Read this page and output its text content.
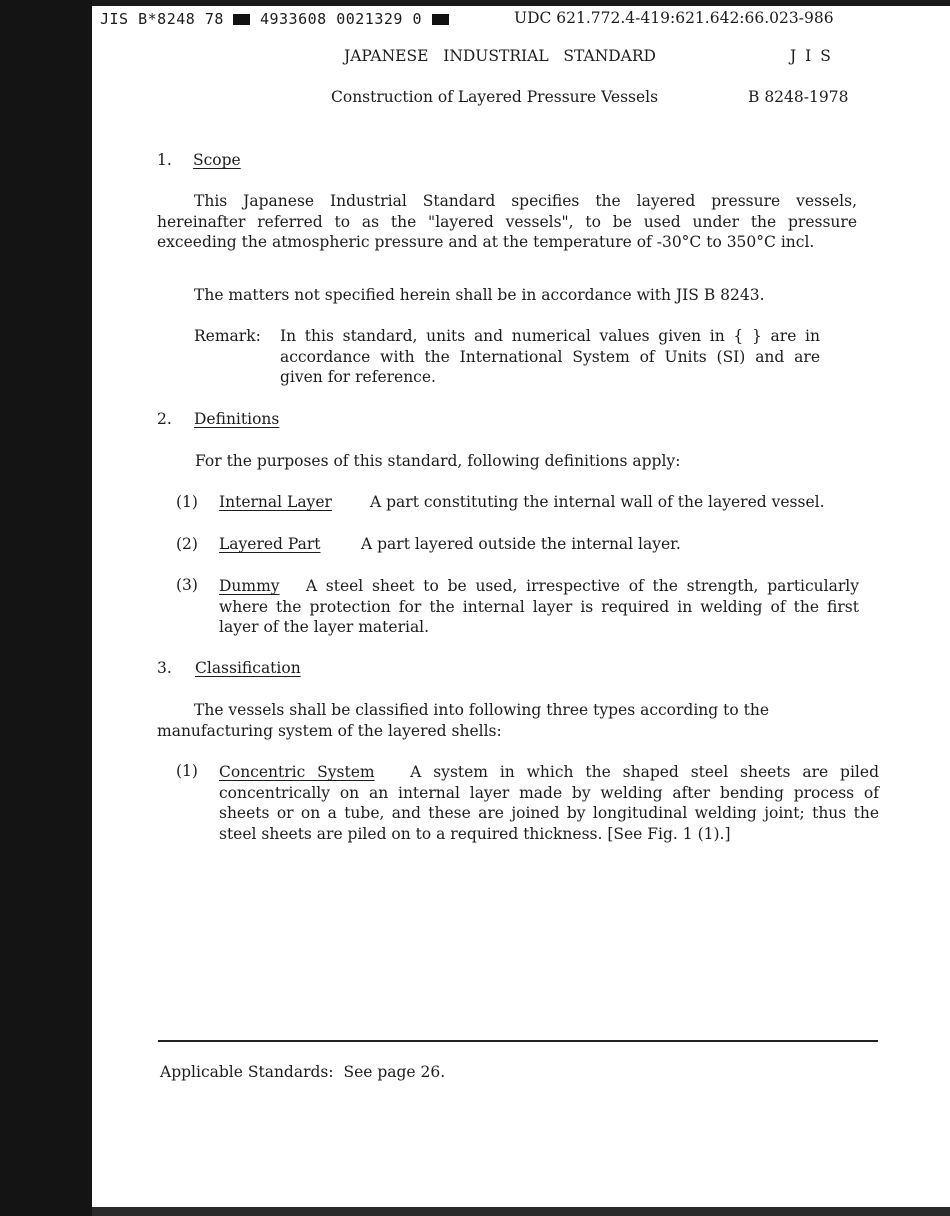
JIS B*8248 78 4933608 0021329 0	UDC 621.772.4-419:621.642:66.023-986
JAPANESE   INDUSTRIAL   STANDARD	J I S
Construction of Layered Pressure Vessels	B 8248-1978
1. Scope
This Japanese Industrial Standard specifies the layered pressure vessels, hereinafter referred to as the "layered vessels", to be used under the pressure exceeding the atmospheric pressure and at the temperature of -30°C to 350°C incl.
The matters not specified herein shall be in accordance with JIS B 8243.
Remark: In this standard, units and numerical values given in { } are in accordance with the International System of Units (SI) and are given for reference.
2. Definitions
For the purposes of this standard, following definitions apply:
(1) Internal Layer A part constituting the internal wall of the layered vessel.
(2) Layered Part	A part layered outside the internal layer.
(3) Dummy A steel sheet to be used, irrespective of the strength, particularly where the protection for the internal layer is required in welding of the first layer of the layer material.
3. Classification
The vessels shall be classified into following three types according to the manufacturing system of the layered shells:
(1) Concentric System A system in which the shaped steel sheets are piled concentrically on an internal layer made by welding after bending process of sheets or on a tube, and these are joined by longitudinal welding joint; thus the steel sheets are piled on to a required thickness. [See Fig. 1 (1).]
Applicable Standards:  See page 26.
